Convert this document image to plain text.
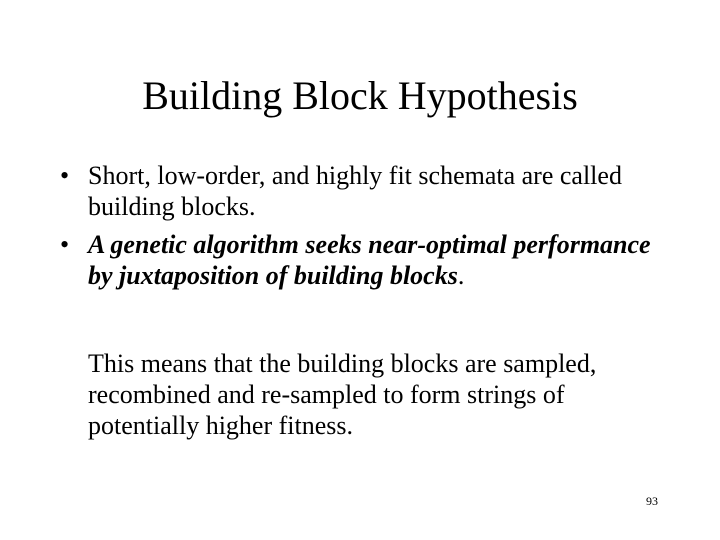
Building Block Hypothesis
• Short, low-order, and highly fit schemata are called building blocks.
• A genetic algorithm seeks near-optimal performance by juxtaposition of building blocks.

This means that the building blocks are sampled, recombined and re-sampled to form strings of potentially higher fitness.

93
